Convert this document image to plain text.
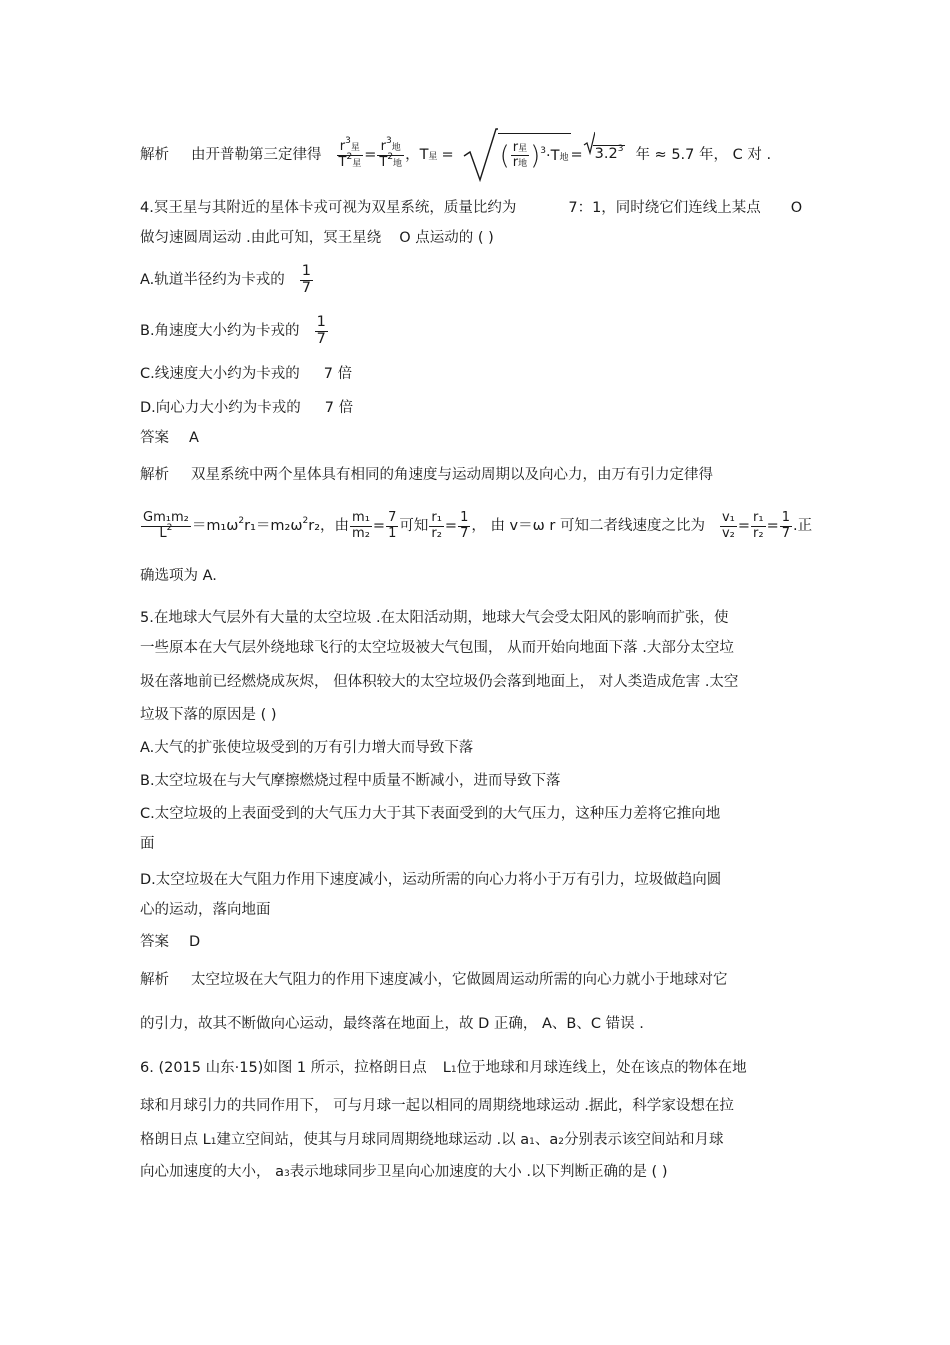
解析 由开普勒第三定律得 $\frac{r^3星}{T^2星} = \frac{r^3地}{T^2地}$ ，T星 = ( $\frac{\text{r星}}{\text{r地}} )^3\cdot T$地 = $3.2^3$ 年 ≈ 5.7 年， C 对 .
4.冥王星与其附近的星体卡戎可视为双星系统，质量比约为	7：1，同时绕它们连线上某点 O
做匀速圆周运动 .由此可知，冥王星绕 O 点运动的 ( )
A.轨道半径约为卡戎的 $\frac{1}{7}$
B.角速度大小约为卡戎的 $\frac{1}{7}$
C.线速度大小约为卡戎的 7 倍
D.向心力大小约为卡戎的 7 倍
答案 A
解析 双星系统中两个星体具有相同的角速度与运动周期以及向心力，由万有引力定律得
$\frac{\text{Gm₁m₂}}{L^2} =m_1\omega^2r_1=m_2\omega^2r_2$，由 $\frac{\text{m₁}}{\text{m₂}} = \frac{7}{1}$ 可知 $\frac{\text{r₁}}{\text{r₂}} = \frac{1}{7}$ ， 由 v＝ω r 可知二者线速度之比为 $\frac{\text{v₁}}{\text{v₂}} = \frac{\text{r₁}}{\text{r₂}} = \frac{1}{7}$ .正
确选项为 A.
5.在地球大气层外有大量的太空垃圾 .在太阳活动期，地球大气会受太阳风的影响而扩张，使
一些原本在大气层外绕地球飞行的太空垃圾被大气包围， 从而开始向地面下落 .大部分太空垃
圾在落地前已经燃烧成灰烬， 但体积较大的太空垃圾仍会落到地面上， 对人类造成危害 .太空
垃圾下落的原因是 ( )
A.大气的扩张使垃圾受到的万有引力增大而导致下落
B.太空垃圾在与大气摩擦燃烧过程中质量不断减小，进而导致下落
C.太空垃圾的上表面受到的大气压力大于其下表面受到的大气压力，这种压力差将它推向地
面
D.太空垃圾在大气阻力作用下速度减小，运动所需的向心力将小于万有引力，垃圾做趋向圆
心的运动，落向地面
答案 D
解析 太空垃圾在大气阻力的作用下速度减小，它做圆周运动所需的向心力就小于地球对它
的引力，故其不断做向心运动，最终落在地面上，故 D 正确， A、B、C 错误 .
6. (2015 山东·15)如图 1 所示，拉格朗日点 L1位于地球和月球连线上，处在该点的物体在地
球和月球引力的共同作用下， 可与月球一起以相同的周期绕地球运动 .据此，科学家设想在拉
格朗日点 L1建立空间站，使其与月球同周期绕地球运动 .以 a1、a2分别表示该空间站和月球
向心加速度的大小， a3表示地球同步卫星向心加速度的大小 .以下判断正确的是 ( )
